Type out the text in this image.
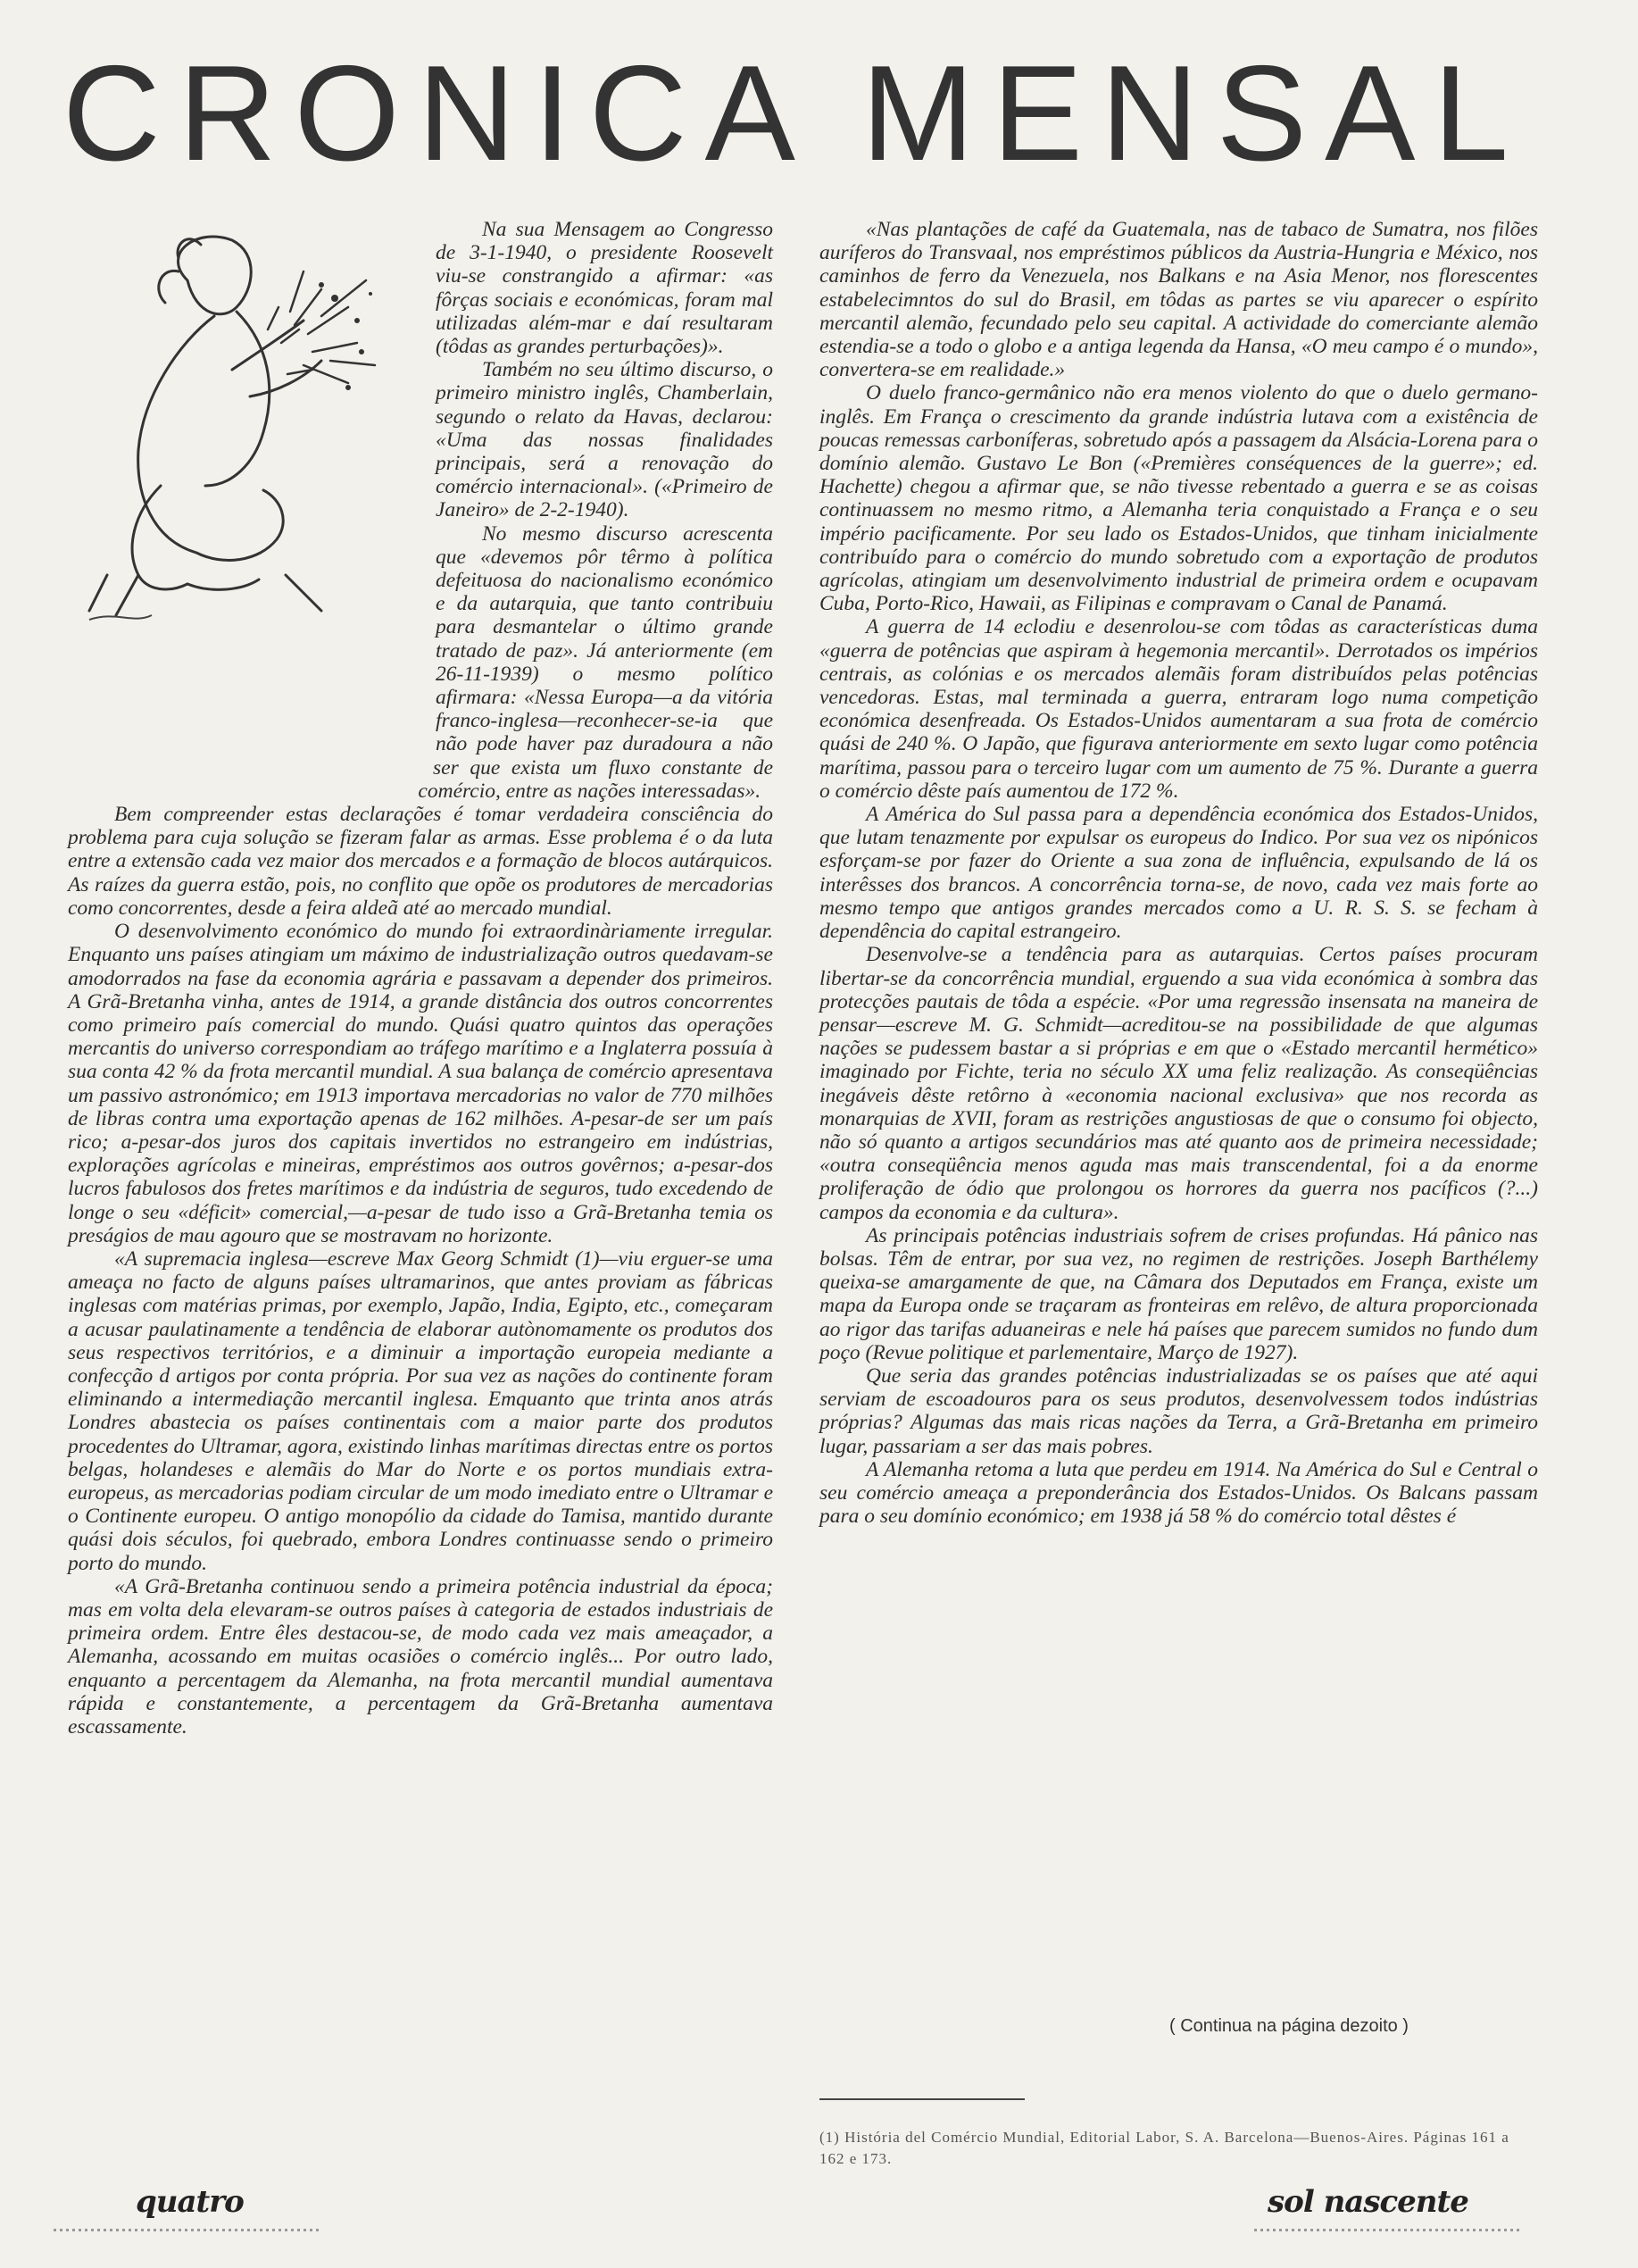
CRONICA MENSAL

Na sua Mensagem ao Congresso de 3-1-1940, o presidente Roosevelt viu-se constrangido a afirmar: «as fôrças sociais e económicas, foram mal utilizadas além-mar e daí resultaram (tôdas as grandes perturbações)».

Também no seu último discurso, o primeiro ministro inglês, Chamberlain, segundo o relato da Havas, declarou: «Uma das nossas finalidades principais, será a renovação do comércio internacional». («Primeiro de Janeiro» de 2-2-1940).

No mesmo discurso acrescenta que «devemos pôr têrmo à política defeituosa do nacionalismo económico e da autarquia, que tanto contribuiu para desmantelar o último grande tratado de paz». Já anteriormente (em 26-11-1939) o mesmo político afirmara: «Nessa Europa—a da vitória franco-inglesa—reconhecer-se-ia que não pode haver paz duradoura a não ser que exista um fluxo constante de comércio, entre as nações interessadas».

Bem compreender estas declarações é tomar verdadeira consciência do problema para cuja solução se fizeram falar as armas. Esse problema é o da luta entre a extensão cada vez maior dos mercados e a formação de blocos autárquicos. As raízes da guerra estão, pois, no conflito que opõe os produtores de mercadorias como concorrentes, desde a feira aldeã até ao mercado mundial.

O desenvolvimento económico do mundo foi extraordinàriamente irregular. Enquanto uns países atingiam um máximo de industrialização outros quedavam-se amodorrados na fase da economia agrária e passavam a depender dos primeiros. A Grã-Bretanha vinha, antes de 1914, a grande distância dos outros concorrentes como primeiro país comercial do mundo. Quási quatro quintos das operações mercantis do universo correspondiam ao tráfego marítimo e a Inglaterra possuía à sua conta 42 % da frota mercantil mundial. A sua balança de comércio apresentava um passivo astronómico; em 1913 importava mercadorias no valor de 770 milhões de libras contra uma exportação apenas de 162 milhões. A-pesar-de ser um país rico; a-pesar-dos juros dos capitais invertidos no estrangeiro em indústrias, explorações agrícolas e mineiras, empréstimos aos outros govêrnos; a-pesar-dos lucros fabulosos dos fretes marítimos e da indústria de seguros, tudo excedendo de longe o seu «déficit» comercial,—a-pesar de tudo isso a Grã-Bretanha temia os preságios de mau agouro que se mostravam no horizonte.

«A supremacia inglesa—escreve Max Georg Schmidt (1)—viu erguer-se uma ameaça no facto de alguns países ultramarinos, que antes proviam as fábricas inglesas com matérias primas, por exemplo, Japão, India, Egipto, etc., começaram a acusar paulatinamente a tendência de elaborar autònomamente os produtos dos seus respectivos territórios, e a diminuir a importação europeia mediante a confecção d artigos por conta própria. Por sua vez as nações do continente foram eliminando a intermediação mercantil inglesa. Emquanto que trinta anos atrás Londres abastecia os países continentais com a maior parte dos produtos procedentes do Ultramar, agora, existindo linhas marítimas directas entre os portos belgas, holandeses e alemãis do Mar do Norte e os portos mundiais extra-europeus, as mercadorias podiam circular de um modo imediato entre o Ultramar e o Continente europeu. O antigo monopólio da cidade do Tamisa, mantido durante quási dois séculos, foi quebrado, embora Londres continuasse sendo o primeiro porto do mundo.

«A Grã-Bretanha continuou sendo a primeira potência industrial da época; mas em volta dela elevaram-se outros países à categoria de estados industriais de primeira ordem. Entre êles destacou-se, de modo cada vez mais ameaçador, a Alemanha, acossando em muitas ocasiões o comércio inglês... Por outro lado, enquanto a percentagem da Alemanha, na frota mercantil mundial aumentava rápida e constantemente, a percentagem da Grã-Bretanha aumentava escassamente.

«Nas plantações de café da Guatemala, nas de tabaco de Sumatra, nos filões auríferos do Transvaal, nos empréstimos públicos da Austria-Hungria e México, nos caminhos de ferro da Venezuela, nos Balkans e na Asia Menor, nos florescentes estabelecimntos do sul do Brasil, em tôdas as partes se viu aparecer o espírito mercantil alemão, fecundado pelo seu capital. A actividade do comerciante alemão estendia-se a todo o globo e a antiga legenda da Hansa, «O meu campo é o mundo», convertera-se em realidade.»

O duelo franco-germânico não era menos violento do que o duelo germano-inglês. Em França o crescimento da grande indústria lutava com a existência de poucas remessas carboníferas, sobretudo após a passagem da Alsácia-Lorena para o domínio alemão. Gustavo Le Bon («Premières conséquences de la guerre»; ed. Hachette) chegou a afirmar que, se não tivesse rebentado a guerra e se as coisas continuassem no mesmo ritmo, a Alemanha teria conquistado a França e o seu império pacificamente. Por seu lado os Estados-Unidos, que tinham inicialmente contribuído para o comércio do mundo sobretudo com a exportação de produtos agrícolas, atingiam um desenvolvimento industrial de primeira ordem e ocupavam Cuba, Porto-Rico, Hawaii, as Filipinas e compravam o Canal de Panamá.

A guerra de 14 eclodiu e desenrolou-se com tôdas as características duma «guerra de potências que aspiram à hegemonia mercantil». Derrotados os impérios centrais, as colónias e os mercados alemãis foram distribuídos pelas potências vencedoras. Estas, mal terminada a guerra, entraram logo numa competição económica desenfreada. Os Estados-Unidos aumentaram a sua frota de comércio quási de 240 %. O Japão, que figurava anteriormente em sexto lugar como potência marítima, passou para o terceiro lugar com um aumento de 75 %. Durante a guerra o comércio dêste país aumentou de 172 %.

A América do Sul passa para a dependência económica dos Estados-Unidos, que lutam tenazmente por expulsar os europeus do Indico. Por sua vez os nipónicos esforçam-se por fazer do Oriente a sua zona de influência, expulsando de lá os interêsses dos brancos. A concorrência torna-se, de novo, cada vez mais forte ao mesmo tempo que antigos grandes mercados como a U. R. S. S. se fecham à dependência do capital estrangeiro.

Desenvolve-se a tendência para as autarquias. Certos países procuram libertar-se da concorrência mundial, erguendo a sua vida económica à sombra das protecções pautais de tôda a espécie. «Por uma regressão insensata na maneira de pensar—escreve M. G. Schmidt—acreditou-se na possibilidade de que algumas nações se pudessem bastar a si próprias e em que o «Estado mercantil hermético» imaginado por Fichte, teria no século XX uma feliz realização. As conseqüências inegáveis dêste retôrno à «economia nacional exclusiva» que nos recorda as monarquias de XVII, foram as restrições angustiosas de que o consumo foi objecto, não só quanto a artigos secundários mas até quanto aos de primeira necessidade; «outra conseqüência menos aguda mas mais transcendental, foi a da enorme proliferação de ódio que prolongou os horrores da guerra nos pacíficos (?...) campos da economia e da cultura».

As principais potências industriais sofrem de crises profundas. Há pânico nas bolsas. Têm de entrar, por sua vez, no regimen de restrições. Joseph Barthélemy queixa-se amargamente de que, na Câmara dos Deputados em França, existe um mapa da Europa onde se traçaram as fronteiras em relêvo, de altura proporcionada ao rigor das tarifas aduaneiras e nele há países que parecem sumidos no fundo dum poço (Revue politique et parlementaire, Março de 1927).

Que seria das grandes potências industrializadas se os países que até aqui serviam de escoadouros para os seus produtos, desenvolvessem todos indústrias próprias? Algumas das mais ricas nações da Terra, a Grã-Bretanha em primeiro lugar, passariam a ser das mais pobres.

A Alemanha retoma a luta que perdeu em 1914. Na América do Sul e Central o seu comércio ameaça a preponderância dos Estados-Unidos. Os Balcans passam para o seu domínio económico; em 1938 já 58 % do comércio total dêstes é

( Continua na página dezoito )
(1) História del Comércio Mundial, Editorial Labor, S. A. Barcelona—Buenos-Aires. Páginas 161 a 162 e 173.
quatro	sol nascente
